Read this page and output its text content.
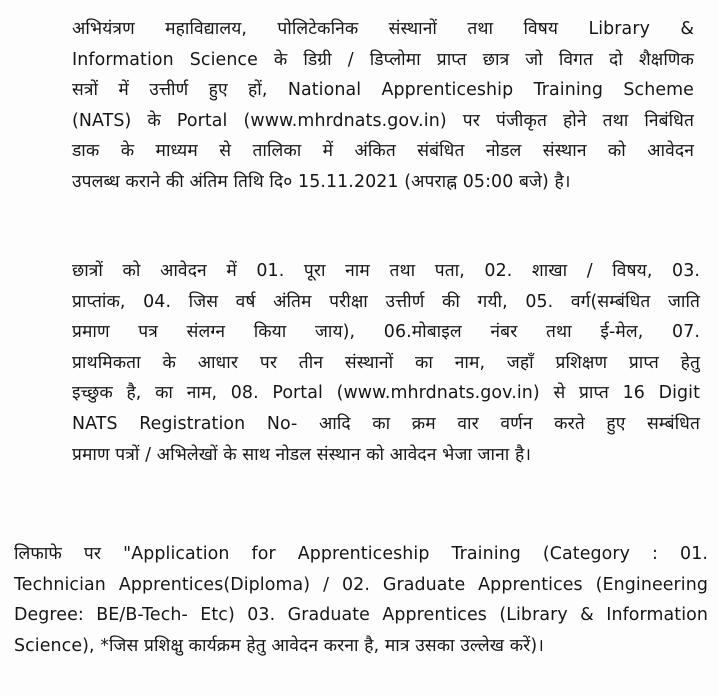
अभियंत्रण महाविद्यालय, पोलिटेकनिक संस्थानों तथा विषय Library &
Information Science के डिग्री / डिप्लोमा प्राप्त छात्र जो विगत दो शैक्षणिक
सत्रों में उत्तीर्ण हुए हों, National Apprenticeship Training Scheme
(NATS) के Portal (www.mhrdnats.gov.in) पर पंजीकृत होने तथा निबंधित
डाक के माध्यम से तालिका में अंकित संबंधित नोडल संस्थान को आवेदन
उपलब्ध कराने की अंतिम तिथि दि० 15.11.2021 (अपराह्न 05:00 बजे) है।
छात्रों को आवेदन में 01. पूरा नाम तथा पता, 02. शाखा / विषय, 03.
प्राप्तांक, 04. जिस वर्ष अंतिम परीक्षा उत्तीर्ण की गयी, 05. वर्ग(सम्बंधित जाति
प्रमाण पत्र संलग्न किया जाय), 06.मोबाइल नंबर तथा ई-मेल, 07.
प्राथमिकता के आधार पर तीन संस्थानों का नाम, जहाँ प्रशिक्षण प्राप्त हेतु
इच्छुक है, का नाम, 08. Portal (www.mhrdnats.gov.in) से प्राप्त 16 Digit
NATS Registration No- आदि का क्रम वार वर्णन करते हुए सम्बंधित
प्रमाण पत्रों / अभिलेखों के साथ नोडल संस्थान को आवेदन भेजा जाना है।
लिफाफे पर "Application for Apprenticeship Training (Category : 01.
Technician Apprentices(Diploma) / 02. Graduate Apprentices (Engineering
Degree: BE/B-Tech- Etc) 03. Graduate Apprentices (Library & Information
Science), *जिस प्रशिक्षु कार्यक्रम हेतु आवेदन करना है, मात्र उसका उल्लेख करें)।
